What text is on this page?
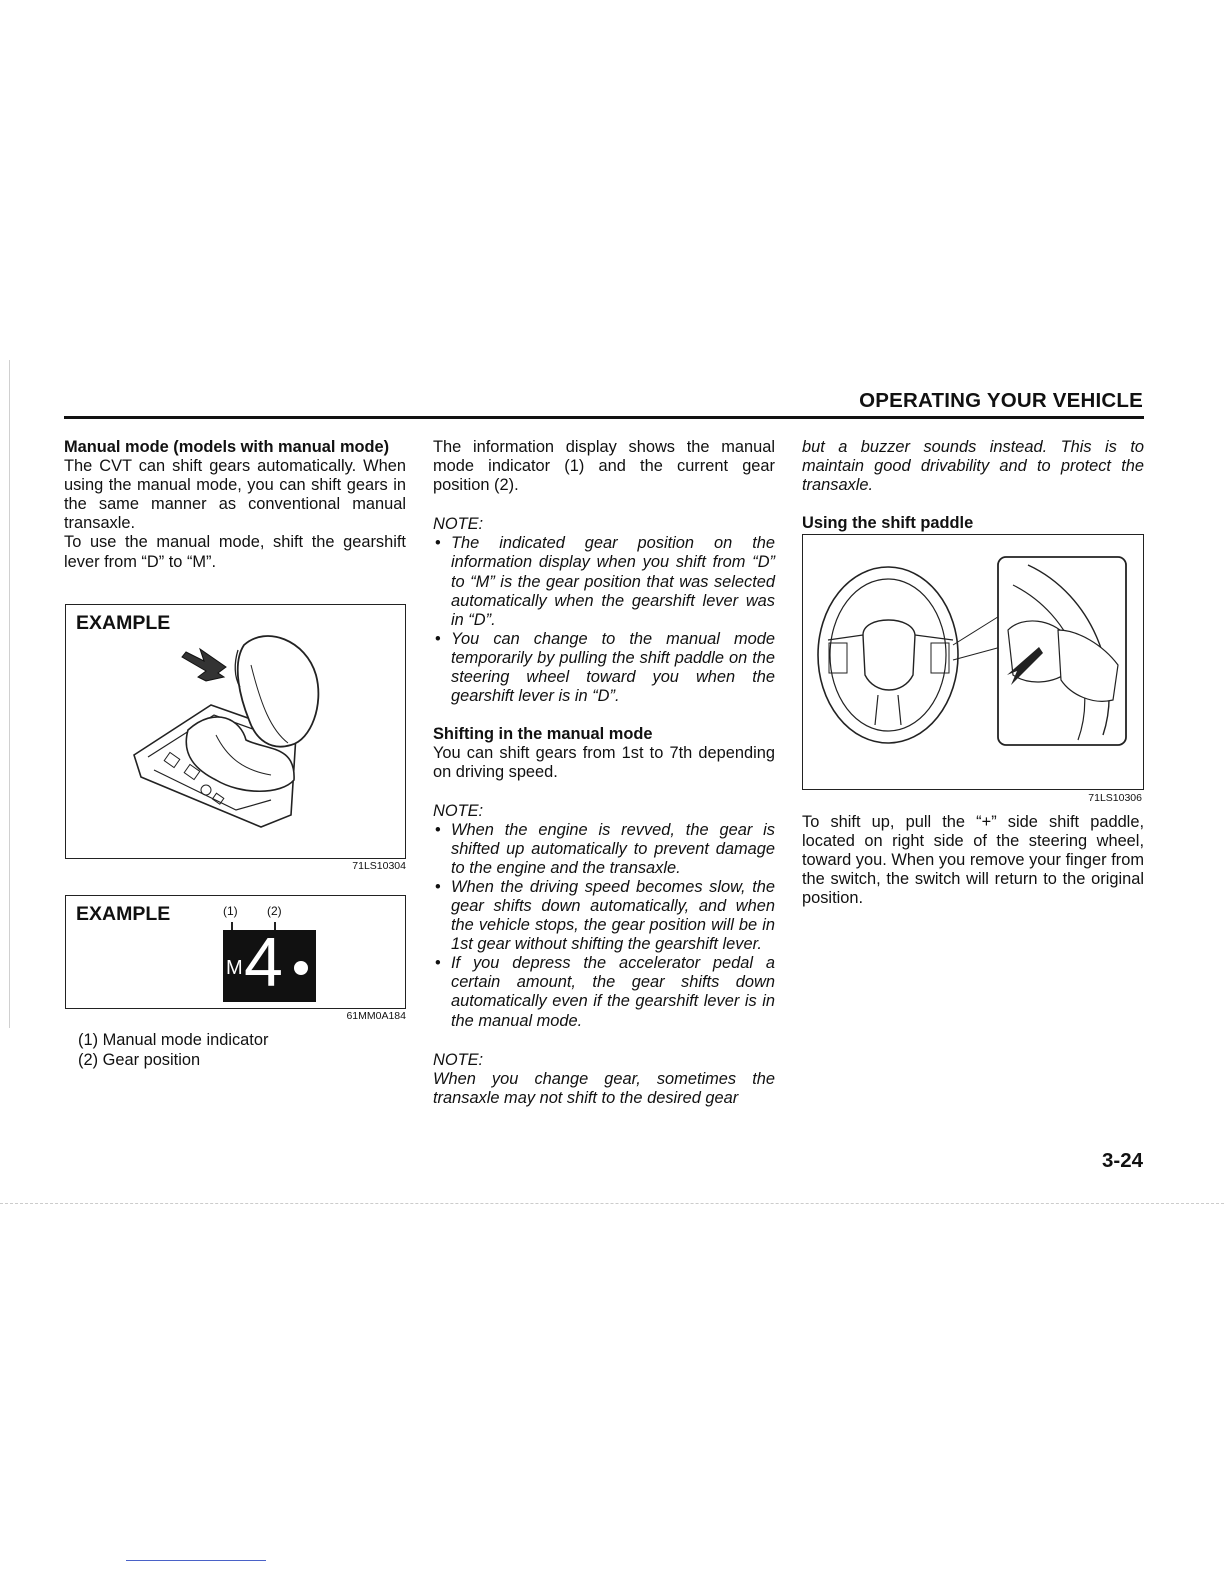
OPERATING YOUR VEHICLE

Manual mode (models with manual mode)

The CVT can shift gears automatically. When using the manual mode, you can shift gears in the same manner as conventional manual transaxle.

To use the manual mode, shift the gearshift lever from “D” to “M”.

EXAMPLE
71LS10304
EXAMPLE	(1) (2)
M 4
61MM0A184
(1) Manual mode indicator
(2) Gear position

The information display shows the manual mode indicator (1) and the current gear position (2).

NOTE:

• The indicated gear position on the information display when you shift from “D” to “M” is the gear position that was selected automatically when the gearshift lever was in “D”.
• You can change to the manual mode temporarily by pulling the shift paddle on the steering wheel toward you when the gearshift lever is in “D”.

Shifting in the manual mode

You can shift gears from 1st to 7th depending on driving speed.

NOTE:

• When the engine is revved, the gear is shifted up automatically to prevent damage to the engine and the transaxle.
• When the driving speed becomes slow, the gear shifts down automatically, and when the vehicle stops, the gear position will be in 1st gear without shifting the gearshift lever.
• If you depress the accelerator pedal a certain amount, the gear shifts down automatically even if the gearshift lever is in the manual mode.

NOTE:

When you change gear, sometimes the transaxle may not shift to the desired gear

but a buzzer sounds instead. This is to maintain good drivability and to protect the transaxle.

Using the shift paddle

71LS10306

To shift up, pull the “+” side shift paddle, located on right side of the steering wheel, toward you. When you remove your finger from the switch, the switch will return to the original position.

3-24
